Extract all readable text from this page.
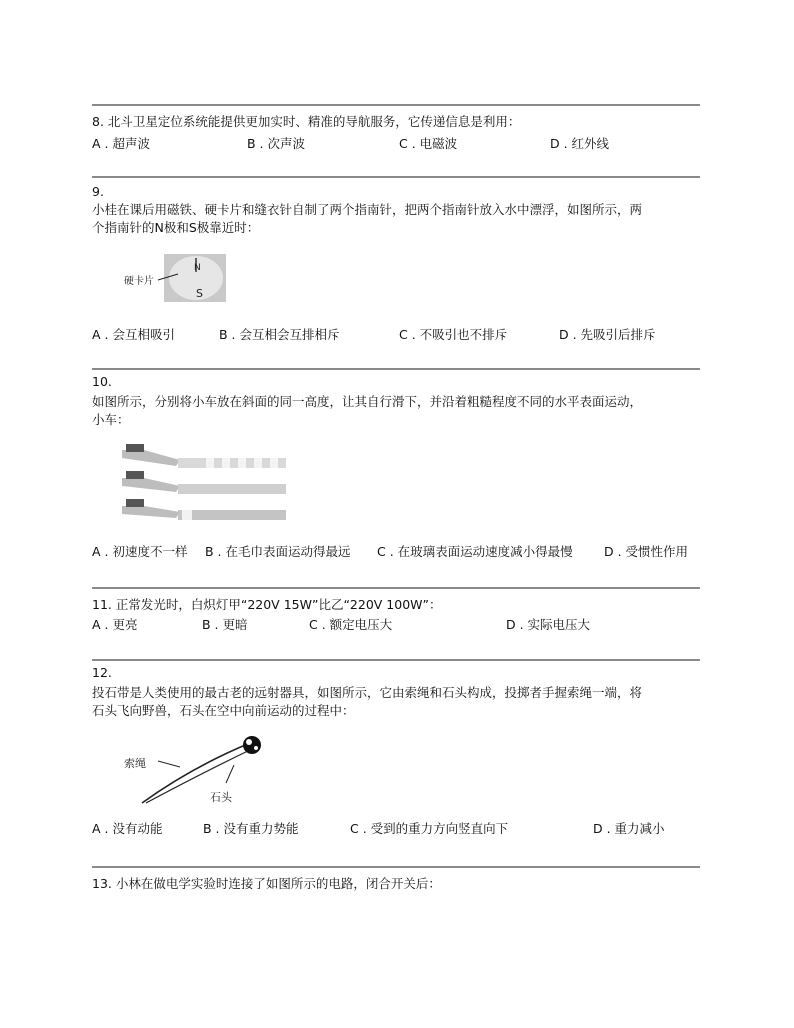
8. 北斗卫星定位系统能提供更加实时、精准的导航服务，它传递信息是利用：
A . 超声波	B . 次声波	C . 电磁波	D . 红外线
9.
小桂在课后用磁铁、硬卡片和缝衣针自制了两个指南针，把两个指南针放入水中漂浮，如图所示，两
个指南针的N极和S极靠近时：
N
S
硬卡片
A . 会互相吸引	B . 会互相会互排相斥	C . 不吸引也不排斥	D . 先吸引后排斥
10.
如图所示，分别将小车放在斜面的同一高度，让其自行滑下，并沿着粗糙程度不同的水平表面运动，
小车：
A . 初速度不一样 B . 在毛巾表面运动得最远 C . 在玻璃表面运动速度减小得最慢	D . 受惯性作用
11. 正常发光时，白炽灯甲“220V 15W”比乙“220V 100W”：
A . 更亮	B . 更暗	C . 额定电压大	D . 实际电压大
12.
投石带是人类使用的最古老的远射器具，如图所示，它由索绳和石头构成，投掷者手握索绳一端，将
石头飞向野兽，石头在空中向前运动的过程中：
索绳
石头
A . 没有动能	B . 没有重力势能	C . 受到的重力方向竖直向下	D . 重力减小
13. 小林在做电学实验时连接了如图所示的电路，闭合开关后：
